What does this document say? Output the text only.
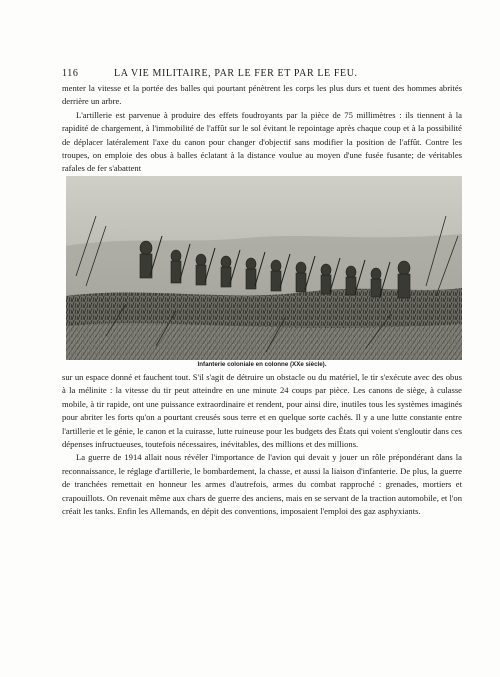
116	LA VIE MILITAIRE, PAR LE FER ET PAR LE FEU.

menter la vitesse et la portée des balles qui pourtant pénètrent les corps les plus durs et tuent des hommes abrités derrière un arbre.

L'artillerie est parvenue à produire des effets foudroyants par la pièce de 75 millimètres : ils tiennent à la rapidité de chargement, à l'immobilité de l'affût sur le sol évitant le repointage après chaque coup et à la possibilité de déplacer latéralement l'axe du canon pour changer d'objectif sans modifier la position de l'affût. Contre les troupes, on emploie des obus à balles éclatant à la distance voulue au moyen d'une fusée fusante; de véritables rafales de fer s'abattent

Infanterie coloniale en colonne (XXe siècle).

sur un espace donné et fauchent tout. S'il s'agit de détruire un obstacle ou du matériel, le tir s'exécute avec des obus à la mélinite : la vitesse du tir peut atteindre en une minute 24 coups par pièce. Les canons de siège, à culasse mobile, à tir rapide, ont une puissance extraordinaire et rendent, pour ainsi dire, inutiles tous les systèmes imaginés pour abriter les forts qu'on a pourtant creusés sous terre et en quelque sorte cachés. Il y a une lutte constante entre l'artillerie et le génie, le canon et la cuirasse, lutte ruineuse pour les budgets des États qui voient s'engloutir dans ces dépenses infructueuses, toutefois nécessaires, inévitables, des millions et des millions.

La guerre de 1914 allait nous révéler l'importance de l'avion qui devait y jouer un rôle prépondérant dans la reconnaissance, le réglage d'artillerie, le bombardement, la chasse, et aussi la liaison d'infanterie. De plus, la guerre de tranchées remettait en honneur les armes d'autrefois, armes du combat rapproché : grenades, mortiers et crapouillots. On revenait même aux chars de guerre des anciens, mais en se servant de la traction automobile, et l'on créait les tanks. Enfin les Allemands, en dépit des conventions, imposaient l'emploi des gaz asphyxiants.
